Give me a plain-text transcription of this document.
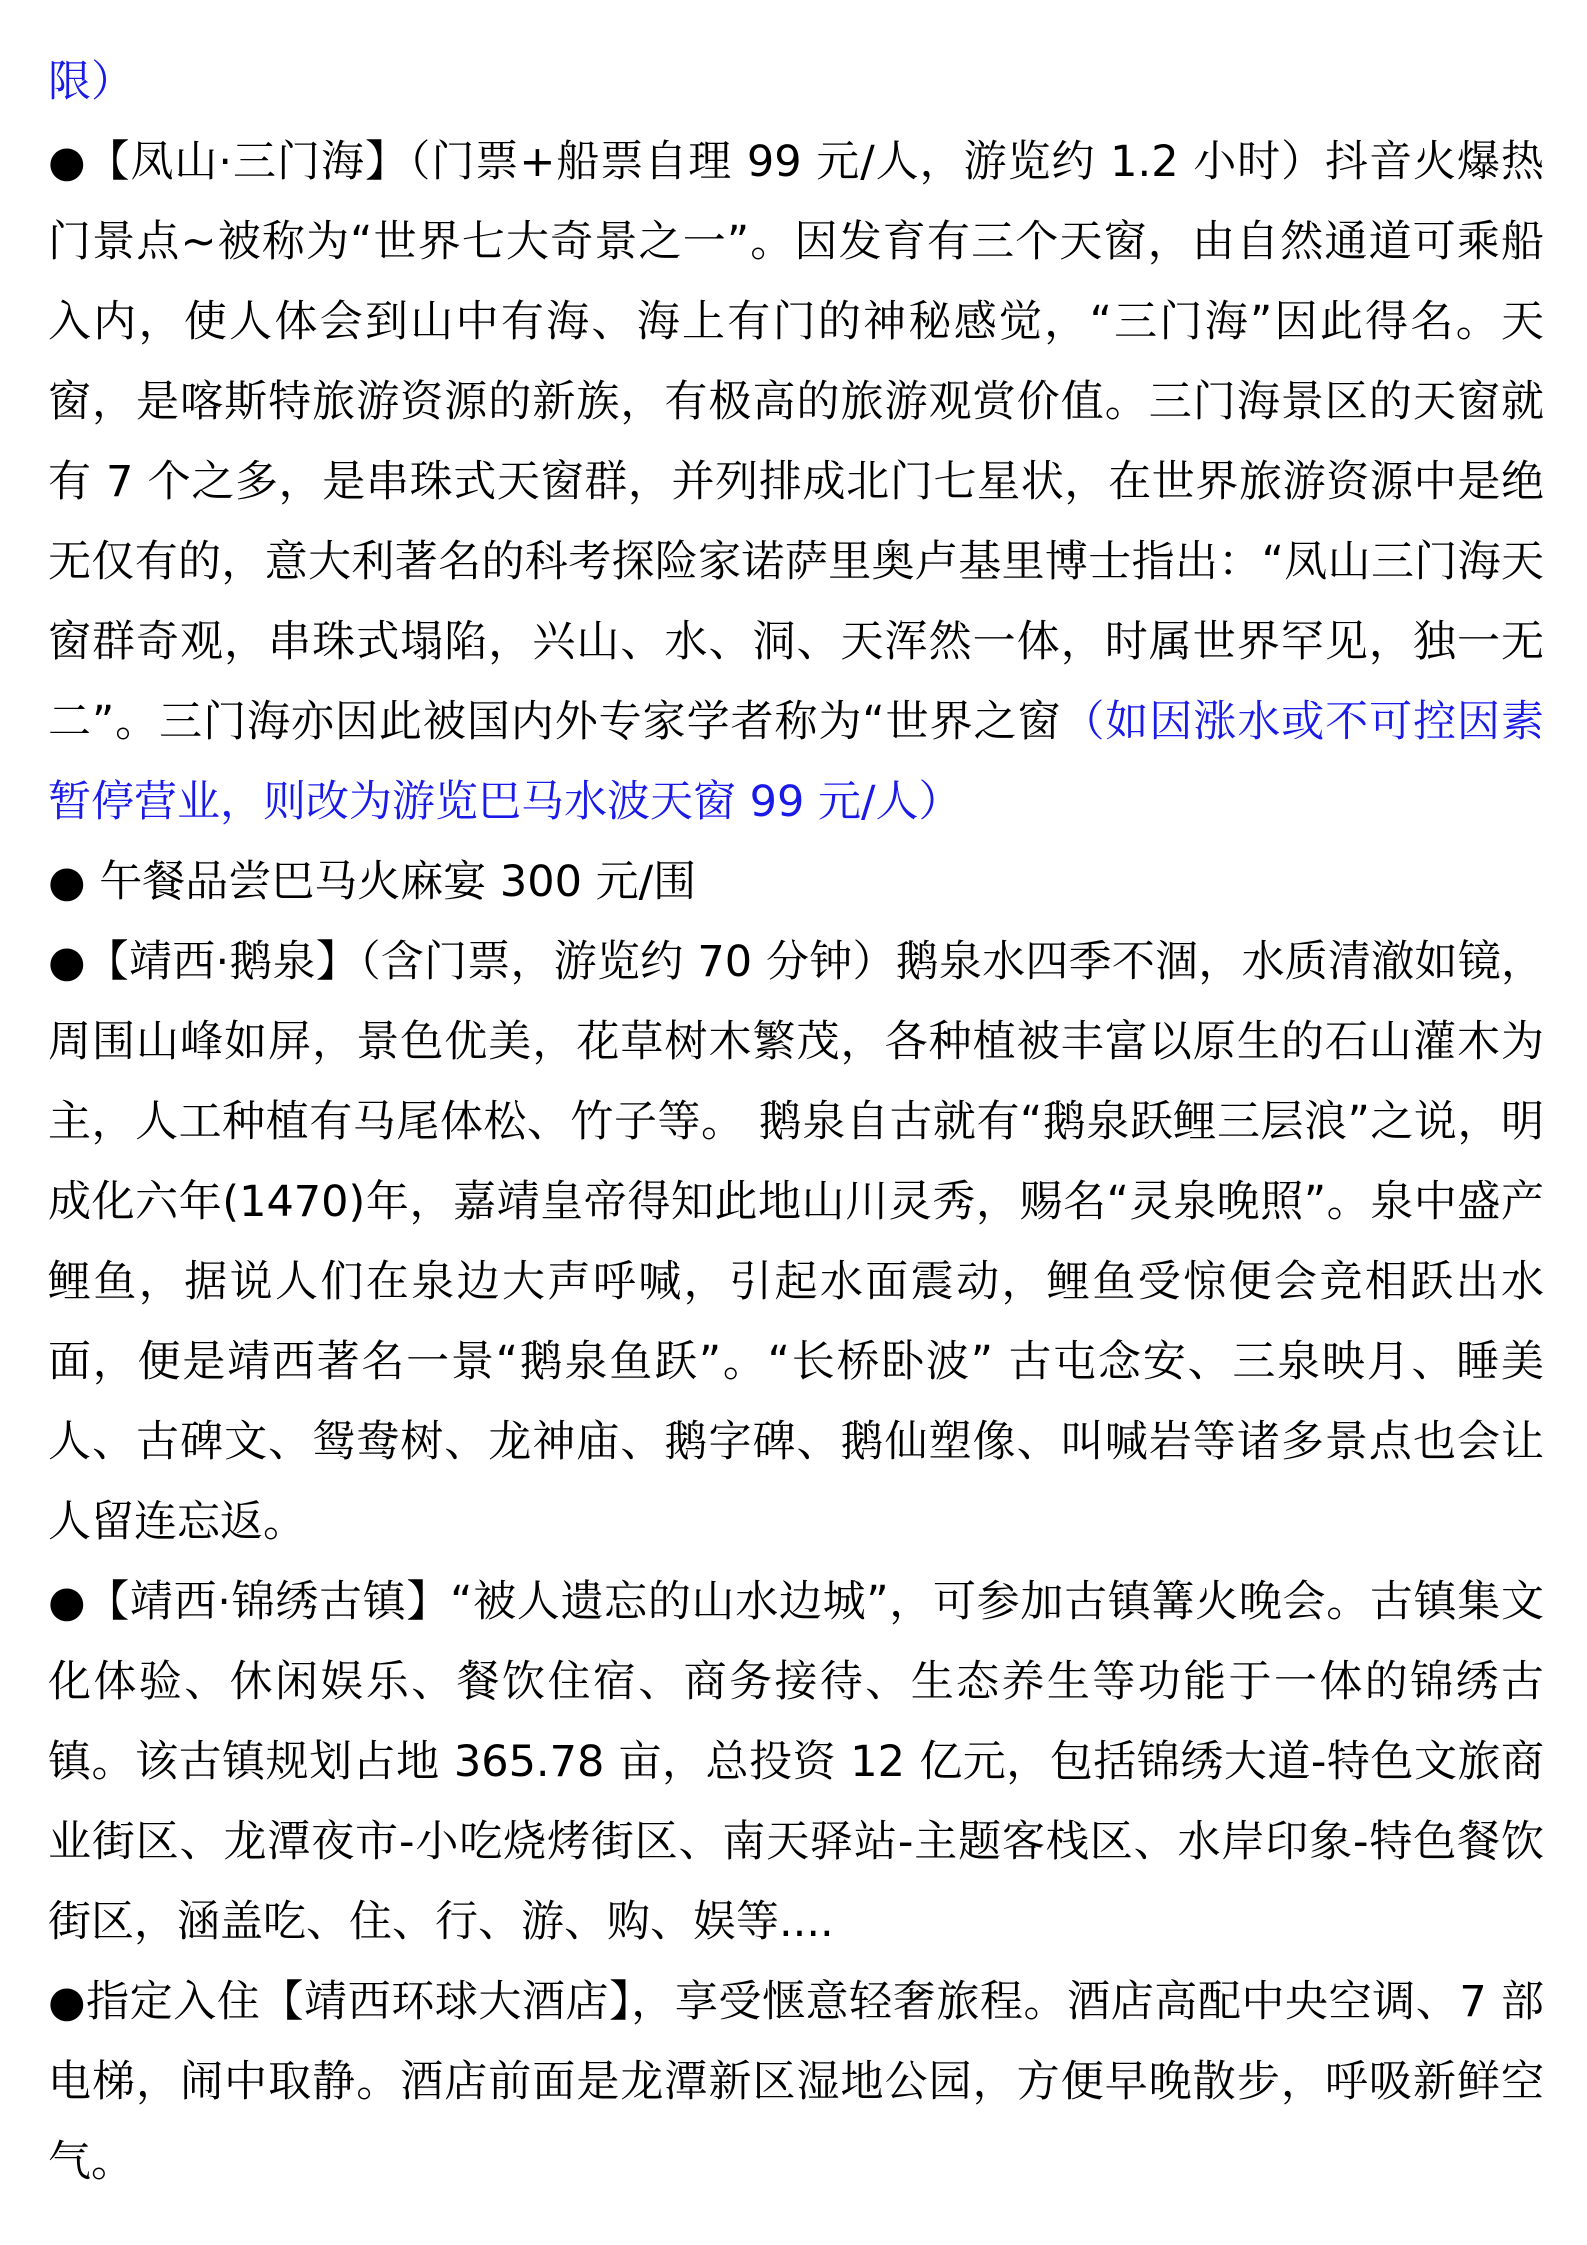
限）

●【凤山·三门海】（门票+船票自理 99 元/人，游览约 1.2 小时）抖音火爆热门景点~被称为“世界七大奇景之一”。因发育有三个天窗，由自然通道可乘船入内，使人体会到山中有海、海上有门的神秘感觉，“三门海”因此得名。天窗，是喀斯特旅游资源的新族，有极高的旅游观赏价值。三门海景区的天窗就有 7 个之多，是串珠式天窗群，并列排成北门七星状，在世界旅游资源中是绝无仅有的，意大利著名的科考探险家诺萨里奥卢基里博士指出：“凤山三门海天窗群奇观，串珠式塌陷，兴山、水、洞、天浑然一体，时属世界罕见，独一无二”。三门海亦因此被国内外专家学者称为“世界之窗（如因涨水或不可控因素暂停营业，则改为游览巴马水波天窗 99 元/人）

● 午餐品尝巴马火麻宴 300 元/围

●【靖西·鹅泉】（含门票，游览约 70 分钟）鹅泉水四季不涸，水质清澈如镜，周围山峰如屏，景色优美，花草树木繁茂，各种植被丰富以原生的石山灌木为主，人工种植有马尾体松、竹子等。 鹅泉自古就有“鹅泉跃鲤三层浪”之说，明成化六年(1470)年，嘉靖皇帝得知此地山川灵秀，赐名“灵泉晚照”。泉中盛产鲤鱼，据说人们在泉边大声呼喊，引起水面震动，鲤鱼受惊便会竞相跃出水面，便是靖西著名一景“鹅泉鱼跃”。“长桥卧波” 古屯念安、三泉映月、睡美人、古碑文、鸳鸯树、龙神庙、鹅字碑、鹅仙塑像、叫喊岩等诸多景点也会让人留连忘返。

●【靖西·锦绣古镇】“被人遗忘的山水边城”，可参加古镇篝火晚会。古镇集文化体验、休闲娱乐、餐饮住宿、商务接待、生态养生等功能于一体的锦绣古镇。该古镇规划占地 365.78 亩，总投资 12 亿元，包括锦绣大道-特色文旅商业街区、龙潭夜市-小吃烧烤街区、南天驿站-主题客栈区、水岸印象-特色餐饮街区，涵盖吃、住、行、游、购、娱等....

●指定入住【靖西环球大酒店】，享受惬意轻奢旅程。酒店高配中央空调、7 部电梯，闹中取静。酒店前面是龙潭新区湿地公园，方便早晚散步，呼吸新鲜空气。
